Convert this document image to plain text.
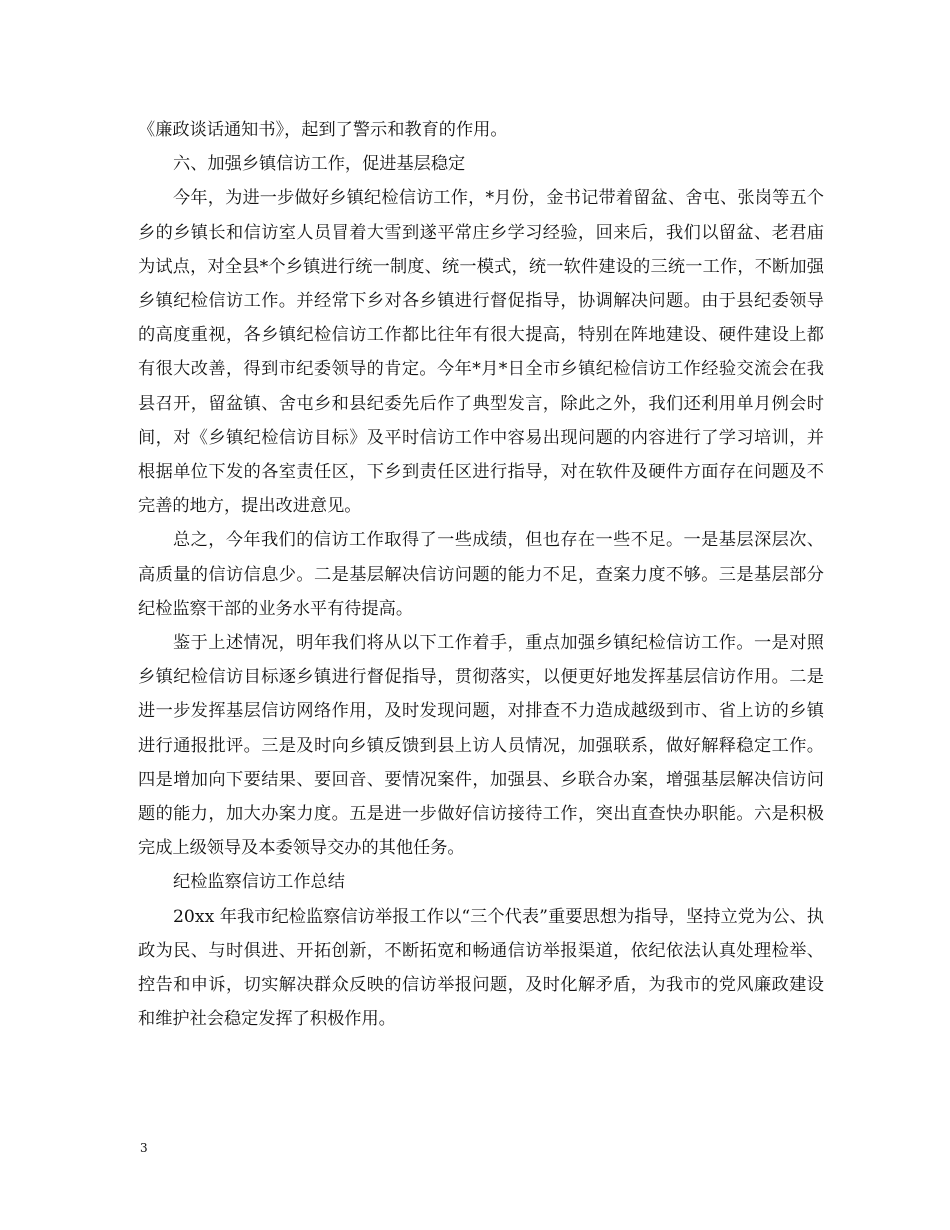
《廉政谈话通知书》，起到了警示和教育的作用。

六、加强乡镇信访工作，促进基层稳定

今年，为进一步做好乡镇纪检信访工作，*月份，金书记带着留盆、舍屯、张岗等五个乡的乡镇长和信访室人员冒着大雪到遂平常庄乡学习经验，回来后，我们以留盆、老君庙为试点，对全县*个乡镇进行统一制度、统一模式，统一软件建设的三统一工作，不断加强乡镇纪检信访工作。并经常下乡对各乡镇进行督促指导，协调解决问题。由于县纪委领导的高度重视，各乡镇纪检信访工作都比往年有很大提高，特别在阵地建设、硬件建设上都有很大改善，得到市纪委领导的肯定。今年*月*日全市乡镇纪检信访工作经验交流会在我县召开，留盆镇、舍屯乡和县纪委先后作了典型发言，除此之外，我们还利用单月例会时间，对《乡镇纪检信访目标》及平时信访工作中容易出现问题的内容进行了学习培训，并根据单位下发的各室责任区，下乡到责任区进行指导，对在软件及硬件方面存在问题及不完善的地方，提出改进意见。

总之，今年我们的信访工作取得了一些成绩，但也存在一些不足。一是基层深层次、高质量的信访信息少。二是基层解决信访问题的能力不足，查案力度不够。三是基层部分纪检监察干部的业务水平有待提高。

鉴于上述情况，明年我们将从以下工作着手，重点加强乡镇纪检信访工作。一是对照乡镇纪检信访目标逐乡镇进行督促指导，贯彻落实，以便更好地发挥基层信访作用。二是进一步发挥基层信访网络作用，及时发现问题，对排查不力造成越级到市、省上访的乡镇进行通报批评。三是及时向乡镇反馈到县上访人员情况，加强联系，做好解释稳定工作。四是增加向下要结果、要回音、要情况案件，加强县、乡联合办案，增强基层解决信访问题的能力，加大办案力度。五是进一步做好信访接待工作，突出直查快办职能。六是积极完成上级领导及本委领导交办的其他任务。

纪检监察信访工作总结

20xx 年我市纪检监察信访举报工作以“三个代表”重要思想为指导，坚持立党为公、执政为民、与时俱进、开拓创新，不断拓宽和畅通信访举报渠道，依纪依法认真处理检举、控告和申诉，切实解决群众反映的信访举报问题，及时化解矛盾，为我市的党风廉政建设和维护社会稳定发挥了积极作用。

3
